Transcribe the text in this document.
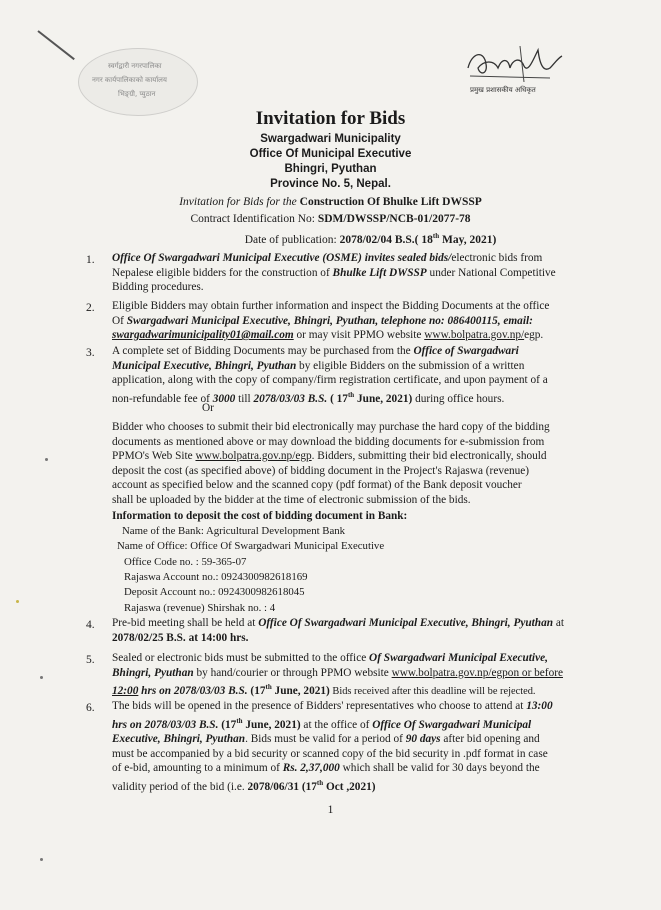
स्वर्गद्वारी नगरपालिका
नगर कार्यपालिकाको कार्यालय
भिङ्ग्री, प्युठान	प्रमुख प्रशासकीय अधिकृत
Invitation for Bids
Swargadwari Municipality
Office Of Municipal Executive
Bhingri, Pyuthan
Province No. 5, Nepal.
Invitation for Bids for the Construction Of Bhulke Lift DWSSP
Contract Identification No: SDM/DWSSP/NCB-01/2077-78
Date of publication: 2078/02/04 B.S.( 18th May, 2021)
1. Office Of Swargadwari Municipal Executive (OSME) invites sealed bids/electronic bids from
Nepalese eligible bidders for the construction of Bhulke Lift DWSSP under National Competitive
Bidding procedures.
2. Eligible Bidders may obtain further information and inspect the Bidding Documents at the office
Of Swargadwari Municipal Executive, Bhingri, Pyuthan, telephone no: 086400115, email:
swargadwarimunicipality01@mail.com or may visit PPMO website www.bolpatra.gov.np/egp.
3. A complete set of Bidding Documents may be purchased from the Office of Swargadwari
Municipal Executive, Bhingri, Pyuthan by eligible Bidders on the submission of a written
application, along with the copy of company/firm registration certificate, and upon payment of a
non-refundable fee of 3000 till 2078/03/03 B.S. ( 17th June, 2021) during office hours.
Or
Bidder who chooses to submit their bid electronically may purchase the hard copy of the bidding
documents as mentioned above or may download the bidding documents for e-submission from
PPMO's Web Site www.bolpatra.gov.np/egp. Bidders, submitting their bid electronically, should
deposit the cost (as specified above) of bidding document in the Project's Rajaswa (revenue)
account as specified below and the scanned copy (pdf format) of the Bank deposit voucher
shall be uploaded by the bidder at the time of electronic submission of the bids.
Information to deposit the cost of bidding document in Bank:
Name of the Bank: Agricultural Development Bank
Name of Office: Office Of Swargadwari Municipal Executive
Office Code no. : 59-365-07
Rajaswa Account no.: 0924300982618169
Deposit Account no.: 0924300982618045
Rajaswa (revenue) Shirshak no. : 4
4. Pre-bid meeting shall be held at Office Of Swargadwari Municipal Executive, Bhingri, Pyuthan at
2078/02/25 B.S. at 14:00 hrs.
5. Sealed or electronic bids must be submitted to the office Of Swargadwari Municipal Executive,
Bhingri, Pyuthan by hand/courier or through PPMO website www.bolpatra.gov.np/egpon or before
12:00 hrs on 2078/03/03 B.S. (17th June, 2021) Bids received after this deadline will be rejected.
6. The bids will be opened in the presence of Bidders' representatives who choose to attend at 13:00
hrs on 2078/03/03 B.S. (17th June, 2021) at the office of Office Of Swargadwari Municipal
Executive, Bhingri, Pyuthan. Bids must be valid for a period of 90 days after bid opening and
must be accompanied by a bid security or scanned copy of the bid security in .pdf format in case
of e-bid, amounting to a minimum of Rs. 2,37,000 which shall be valid for 30 days beyond the
validity period of the bid (i.e. 2078/06/31 (17th Oct ,2021)
1
